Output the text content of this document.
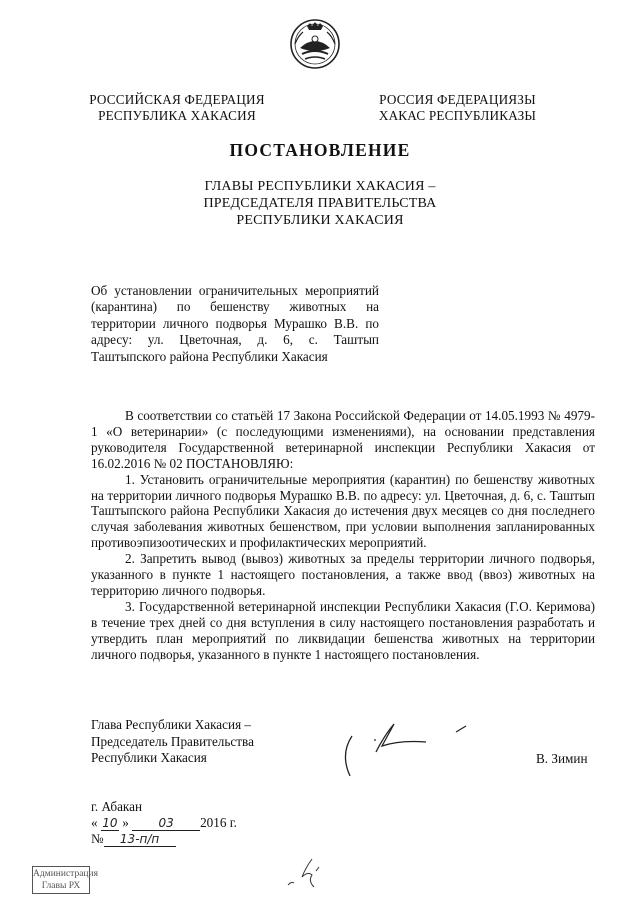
РОССИЙСКАЯ ФЕДЕРАЦИЯ
РЕСПУБЛИКА ХАКАСИЯ
РОССИЯ ФЕДЕРАЦИЯЗЫ
ХАКАС РЕСПУБЛИКАЗЫ
ПОСТАНОВЛЕНИЕ
ГЛАВЫ РЕСПУБЛИКИ ХАКАСИЯ –
ПРЕДСЕДАТЕЛЯ ПРАВИТЕЛЬСТВА
РЕСПУБЛИКИ ХАКАСИЯ
Об установлении ограничительных мероприятий (карантина) по бешенству животных на территории личного подворья Мурашко В.В. по адресу: ул. Цветочная, д. 6, с. Таштып Таштыпского района Республики Хакасия

В соответствии со статьёй 17 Закона Российской Федерации от 14.05.1993 № 4979-1 «О ветеринарии» (с последующими изменениями), на основании представления руководителя Государственной ветеринарной инспекции Республики Хакасия от 16.02.2016 № 02 ПОСТАНОВЛЯЮ:

1. Установить ограничительные мероприятия (карантин) по бешенству животных на территории личного подворья Мурашко В.В. по адресу: ул. Цветочная, д. 6, с. Таштып Таштыпского района Республики Хакасия до истечения двух месяцев со дня последнего случая заболевания животных бешенством, при условии выполнения запланированных противоэпизоотических и профилактических мероприятий.

2. Запретить вывод (вывоз) животных за пределы территории личного подворья, указанного в пункте 1 настоящего постановления, а также ввод (ввоз) животных на территорию личного подворья.

3. Государственной ветеринарной инспекции Республики Хакасия (Г.О. Керимова) в течение трех дней со дня вступления в силу настоящего постановления разработать и утвердить план мероприятий по ликвидации бешенства животных на территории личного подворья, указанного в пункте 1 настоящего постановления.

Глава Республики Хакасия –
Председатель Правительства
Республики Хакасия	В. Зимин
г. Абакан
« 10 » 03 2016 г.
№ 13-п/п
Администрация
Главы РХ
